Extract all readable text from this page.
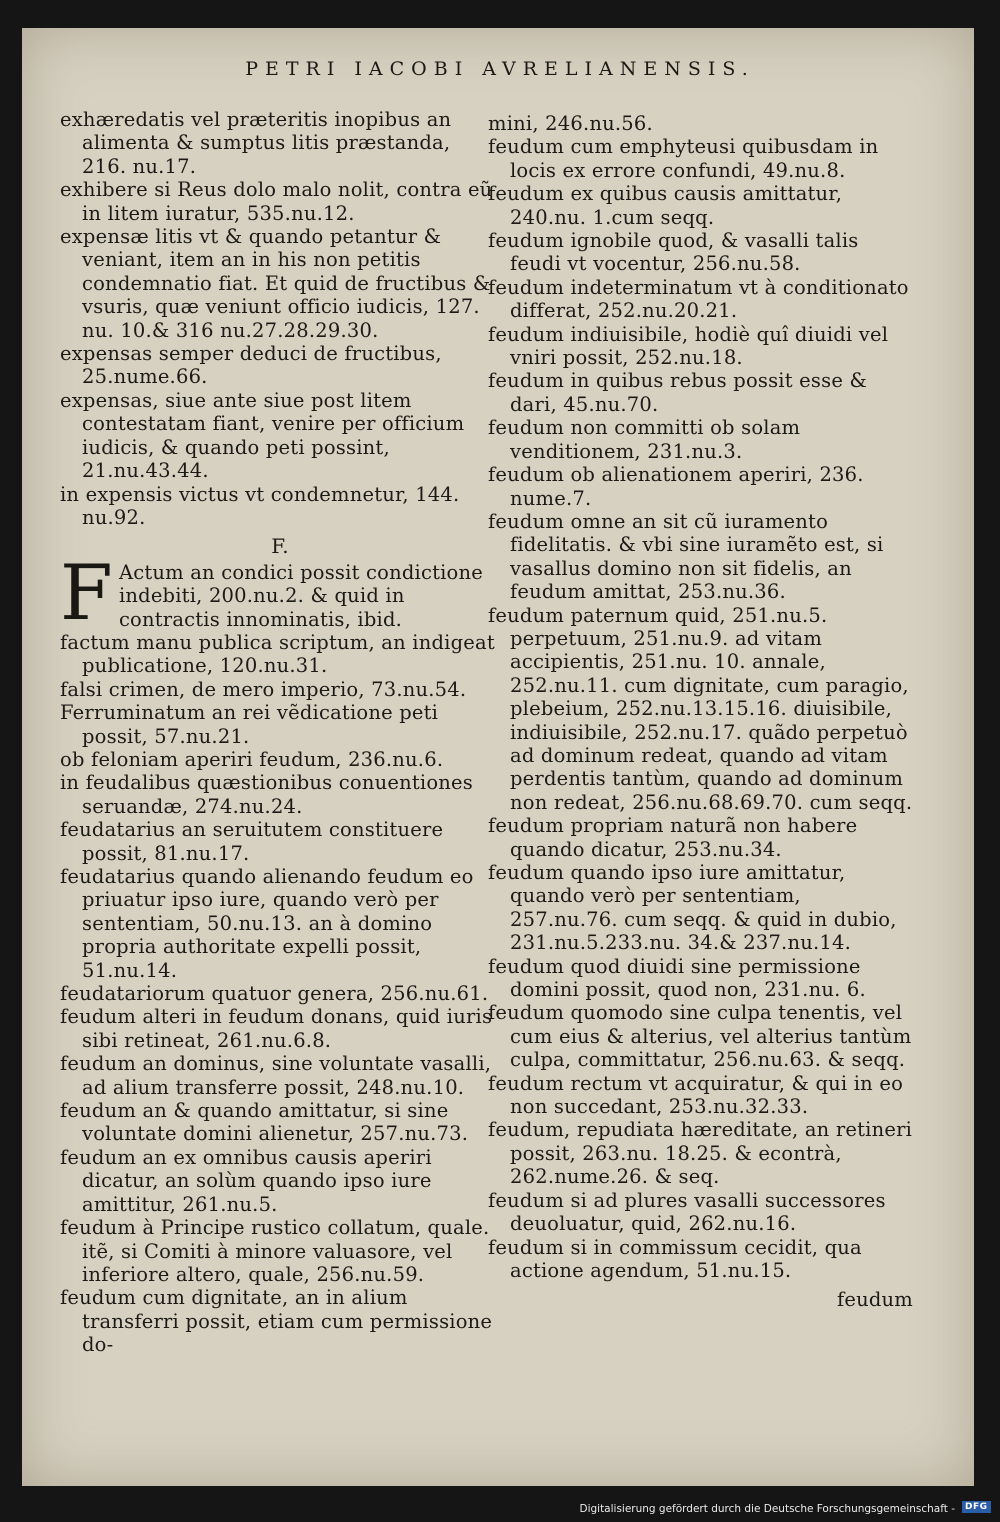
PETRI IACOBI AVRELIANENSIS.
exhæredatis vel præteritis inopibus an alimenta & sumptus litis præstanda, 216. nu.17.
exhibere si Reus dolo malo nolit, contra eũ in litem iuratur, 535.nu.12.
expensæ litis vt & quando petantur & veniant, item an in his non petitis condemnatio fiat. Et quid de fructibus & vsuris, quæ veniunt officio iudicis, 127. nu. 10.& 316 nu.27.28.29.30.
expensas semper deduci de fructibus, 25.nume.66.
expensas, siue ante siue post litem contestatam fiant, venire per officium iudicis, & quando peti possint, 21.nu.43.44.
in expensis victus vt condemnetur, 144. nu.92.
F.
F Actum an condici possit condictione indebiti, 200.nu.2. & quid in contractis innominatis, ibid.
factum manu publica scriptum, an indigeat publicatione, 120.nu.31.
falsi crimen, de mero imperio, 73.nu.54.
Ferruminatum an rei vẽdicatione peti possit, 57.nu.21.
ob feloniam aperiri feudum, 236.nu.6.
in feudalibus quæstionibus conuentiones seruandæ, 274.nu.24.
feudatarius an seruitutem constituere possit, 81.nu.17.
feudatarius quando alienando feudum eo priuatur ipso iure, quando verò per sententiam, 50.nu.13. an à domino propria authoritate expelli possit, 51.nu.14.
feudatariorum quatuor genera, 256.nu.61.
feudum alteri in feudum donans, quid iuris sibi retineat, 261.nu.6.8.
feudum an dominus, sine voluntate vasalli, ad alium transferre possit, 248.nu.10.
feudum an & quando amittatur, si sine voluntate domini alienetur, 257.nu.73.
feudum an ex omnibus causis aperiri dicatur, an solùm quando ipso iure amittitur, 261.nu.5.
feudum à Principe rustico collatum, quale. itẽ, si Comiti à minore valuasore, vel inferiore altero, quale, 256.nu.59.
feudum cum dignitate, an in alium transferri possit, etiam cum permissione do-
mini, 246.nu.56.
feudum cum emphyteusi quibusdam in locis ex errore confundi, 49.nu.8.
feudum ex quibus causis amittatur, 240.nu. 1.cum seqq.
feudum ignobile quod, & vasalli talis feudi vt vocentur, 256.nu.58.
feudum indeterminatum vt à conditionato differat, 252.nu.20.21.
feudum indiuisibile, hodiè quî diuidi vel vniri possit, 252.nu.18.
feudum in quibus rebus possit esse & dari, 45.nu.70.
feudum non committi ob solam venditionem, 231.nu.3.
feudum ob alienationem aperiri, 236. nume.7.
feudum omne an sit cũ iuramento fidelitatis. & vbi sine iuramẽto est, si vasallus domino non sit fidelis, an feudum amittat, 253.nu.36.
feudum paternum quid, 251.nu.5. perpetuum, 251.nu.9. ad vitam accipientis, 251.nu. 10. annale, 252.nu.11. cum dignitate, cum paragio, plebeium, 252.nu.13.15.16. diuisibile, indiuisibile, 252.nu.17. quãdo perpetuò ad dominum redeat, quando ad vitam perdentis tantùm, quando ad dominum non redeat, 256.nu.68.69.70. cum seqq.
feudum propriam naturã non habere quando dicatur, 253.nu.34.
feudum quando ipso iure amittatur, quando verò per sententiam, 257.nu.76. cum seqq. & quid in dubio, 231.nu.5.233.nu. 34.& 237.nu.14.
feudum quod diuidi sine permissione domini possit, quod non, 231.nu. 6.
feudum quomodo sine culpa tenentis, vel cum eius & alterius, vel alterius tantùm culpa, committatur, 256.nu.63. & seqq.
feudum rectum vt acquiratur, & qui in eo non succedant, 253.nu.32.33.
feudum, repudiata hæreditate, an retineri possit, 263.nu. 18.25. & econtrà, 262.nume.26. & seq.
feudum si ad plures vasalli successores deuoluatur, quid, 262.nu.16.
feudum si in commissum cecidit, qua actione agendum, 51.nu.15.
feudum
Digitalisierung gefördert durch die Deutsche Forschungsgemeinschaft -	DFG
